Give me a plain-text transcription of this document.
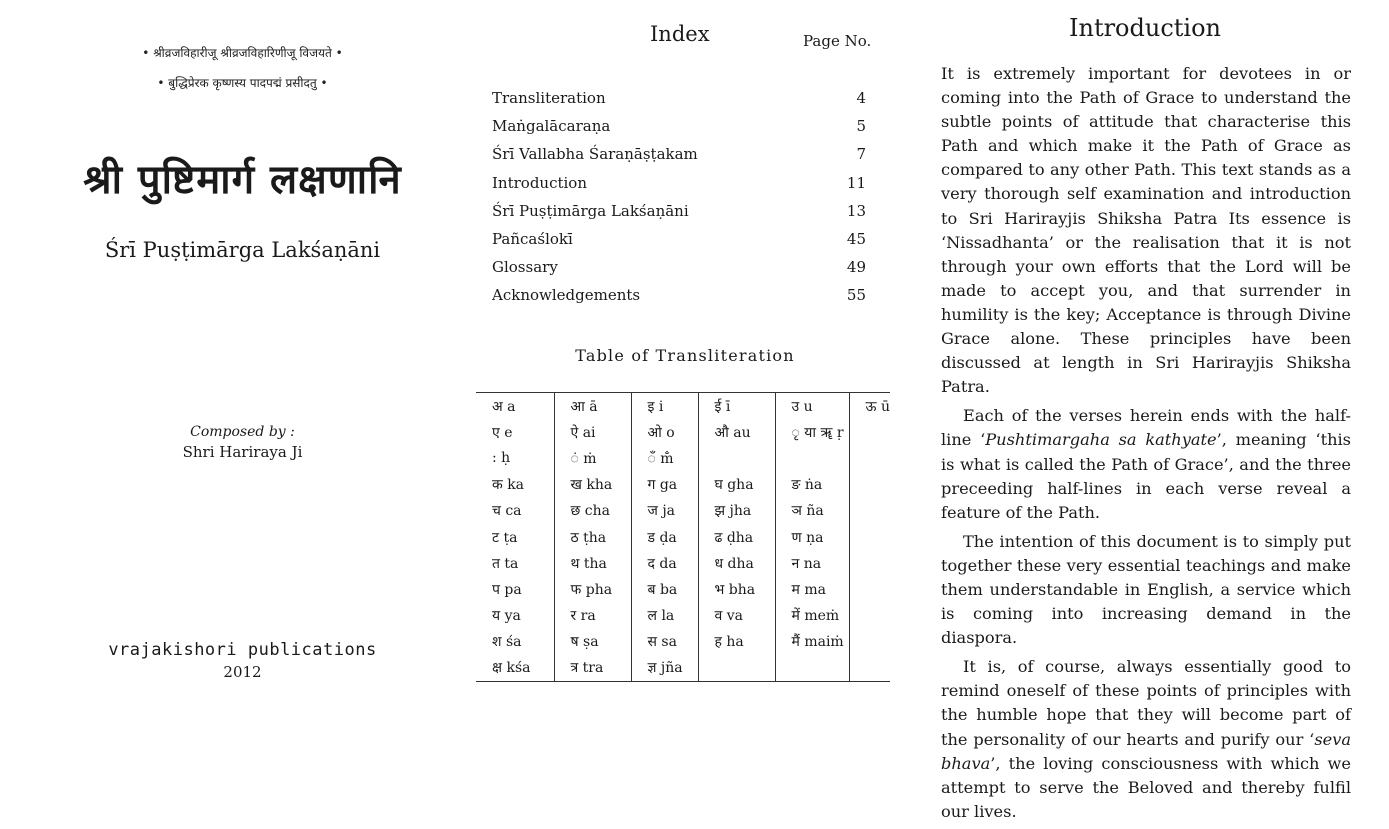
• श्रीव्रजविहारीजू श्रीव्रजविहारिणीजू विजयते •
• बुद्धिप्रेरक कृष्णस्य पादपद्मं प्रसीदतु •
श्री पुष्टिमार्ग लक्षणानि
Śrī Puṣṭimārga Lakśaṇāni
Composed by :
Shri Hariraya Ji
vrajakishori publications
2012
Index	Page No.
Transliteration	4
Maṅgalācaraṇa	5
Śrī Vallabha Śaraṇāṣṭakam	7
Introduction	11
Śrī Puṣṭimārga Lakśaṇāni	13
Pañcaślokī	45
Glossary	49
Acknowledgements	55
Table of Transliteration
अ a	आ ā	इ i	ई ī	उ u	ऊ ū
ए e	ऐ ai	ओ o	औ au	ृ या ॠ ṛ	
: ḥ	ं ṁ	ँ m̐			
क ka	ख kha	ग ga	घ gha	ङ ṅa	
च ca	छ cha	ज ja	झ jha	ञ ña	
ट ṭa	ठ ṭha	ड ḍa	ढ ḍha	ण ṇa	
त ta	थ tha	द da	ध dha	न na	
प pa	फ pha	ब ba	भ bha	म ma	
य ya	र ra	ल la	व va	में meṁ	
श śa	ष ṣa	स sa	ह ha	मैं maiṁ	
क्ष kśa	त्र tra	ज्ञ jña			
Introduction

It is extremely important for devotees in or coming into the Path of Grace to understand the subtle points of attitude that characterise this Path and which make it the Path of Grace as compared to any other Path. This text stands as a very thorough self examination and introduction to Sri Harirayjis Shiksha Patra Its essence is ‘Nissadhanta’ or the realisation that it is not through your own efforts that the Lord will be made to accept you, and that surrender in humility is the key; Acceptance is through Divine Grace alone. These principles have been discussed at length in Sri Harirayjis Shiksha Patra.

Each of the verses herein ends with the half-line ‘Pushtimargaha sa kathyate’, meaning ‘this is what is called the Path of Grace’, and the three preceeding half-lines in each verse reveal a feature of the Path.

The intention of this document is to simply put together these very essential teachings and make them understandable in English, a service which is coming into increasing demand in the diaspora.

It is, of course, always essentially good to remind oneself of these points of principles with the humble hope that they will become part of the personality of our hearts and purify our ‘seva bhava’, the loving consciousness with which we attempt to serve the Beloved and thereby fulfil our lives.
